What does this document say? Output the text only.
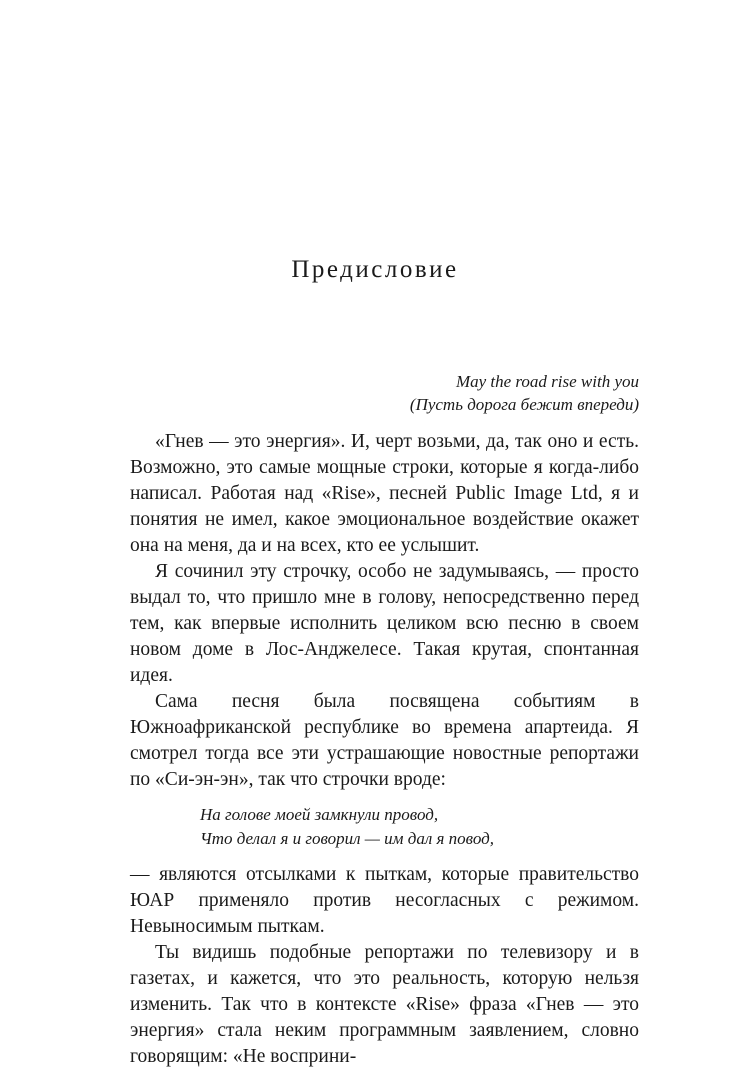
Предисловие
May the road rise with you
(Пусть дорога бежит впереди)

«Гнев — это энергия». И, черт возьми, да, так оно и есть. Возможно, это самые мощные строки, которые я когда-либо написал. Работая над «Rise», песней Public Image Ltd, я и понятия не имел, какое эмоциональное воздействие окажет она на меня, да и на всех, кто ее услышит.

Я сочинил эту строчку, особо не задумываясь, — просто выдал то, что пришло мне в голову, непосредственно перед тем, как впервые исполнить целиком всю песню в своем новом доме в Лос-Анджелесе. Такая крутая, спонтанная идея.

Сама песня была посвящена событиям в Южноафриканской республике во времена апартеида. Я смотрел тогда все эти устрашающие новостные репортажи по «Си-эн-эн», так что строчки вроде:

На голове моей замкнули провод,
Что делал я и говорил — им дал я повод,

— являются отсылками к пыткам, которые правительство ЮАР применяло против несогласных с режимом. Невыносимым пыткам.

Ты видишь подобные репортажи по телевизору и в газетах, и кажется, что это реальность, которую нельзя изменить. Так что в контексте «Rise» фраза «Гнев — это энергия» стала неким программным заявлением, словно говорящим: «Не восприни-
